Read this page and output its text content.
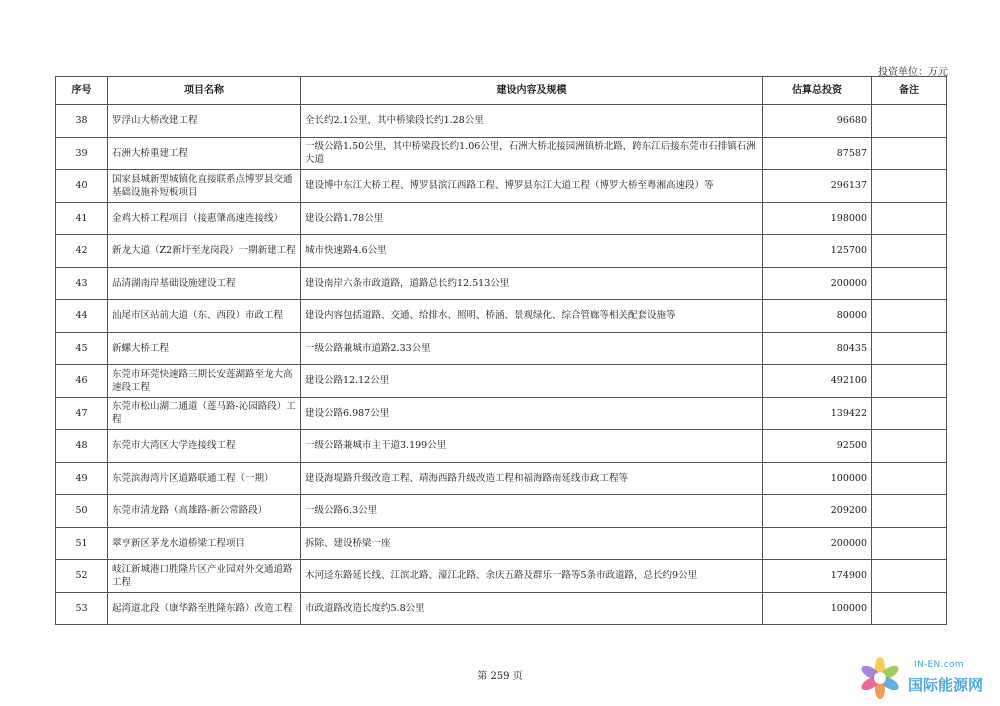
投资单位：万元
序号	项目名称	建设内容及规模	估算总投资	备注
38	罗浮山大桥改建工程	全长约2.1公里，其中桥梁段长约1.28公里	96680	
39	石洲大桥重建工程	一级公路1.50公里，其中桥梁段长约1.06公里，石洲大桥北接园洲镇桥北路，跨东江后接东莞市石排镇石洲大道	87587	
40	国家县城新型城镇化直接联系点博罗县交通基础设施补短板项目	建设博中东江大桥工程、博罗县滨江西路工程、博罗县东江大道工程（博罗大桥至粤湘高速段）等	296137	
41	金鸡大桥工程项目（接惠肇高速连接线）	建设公路1.78公里	198000	
42	新龙大道（Z2新圩至龙岗段）一期新建工程	城市快速路4.6公里	125700	
43	品清湖南岸基础设施建设工程	建设南岸六条市政道路，道路总长约12.513公里	200000	
44	汕尾市区站前大道（东、西段）市政工程	建设内容包括道路、交通、给排水、照明、桥涵、景观绿化、综合管廊等相关配套设施等	80000	
45	新螺大桥工程	一级公路兼城市道路2.33公里	80435	
46	东莞市环莞快速路三期长安莲湖路至龙大高速段工程	建设公路12.12公里	492100	
47	东莞市松山湖二通道（莲马路-沁园路段）工程	建设公路6.987公里	139422	
48	东莞市大湾区大学连接线工程	一级公路兼城市主干道3.199公里	92500	
49	东莞滨海湾片区道路联通工程（一期）	建设海堤路升级改造工程、靖海西路升级改造工程和福海路南延线市政工程等	100000	
50	东莞市清龙路（高雄路-新公常路段）	一级公路6.3公里	209200	
51	翠亨新区茅龙水道桥梁工程项目	拆除、建设桥梁一座	200000	
52	岐江新城港口胜隆片区产业园对外交通道路工程	木河迳东路延长线、江滨北路、濠江北路、余庆五路及群乐一路等5条市政道路，总长约9公里	174900	
53	起湾道北段（康华路至胜隆东路）改造工程	市政道路改造长度约5.8公里	100000	
第 259 页
IN-EN.com
国际能源网
